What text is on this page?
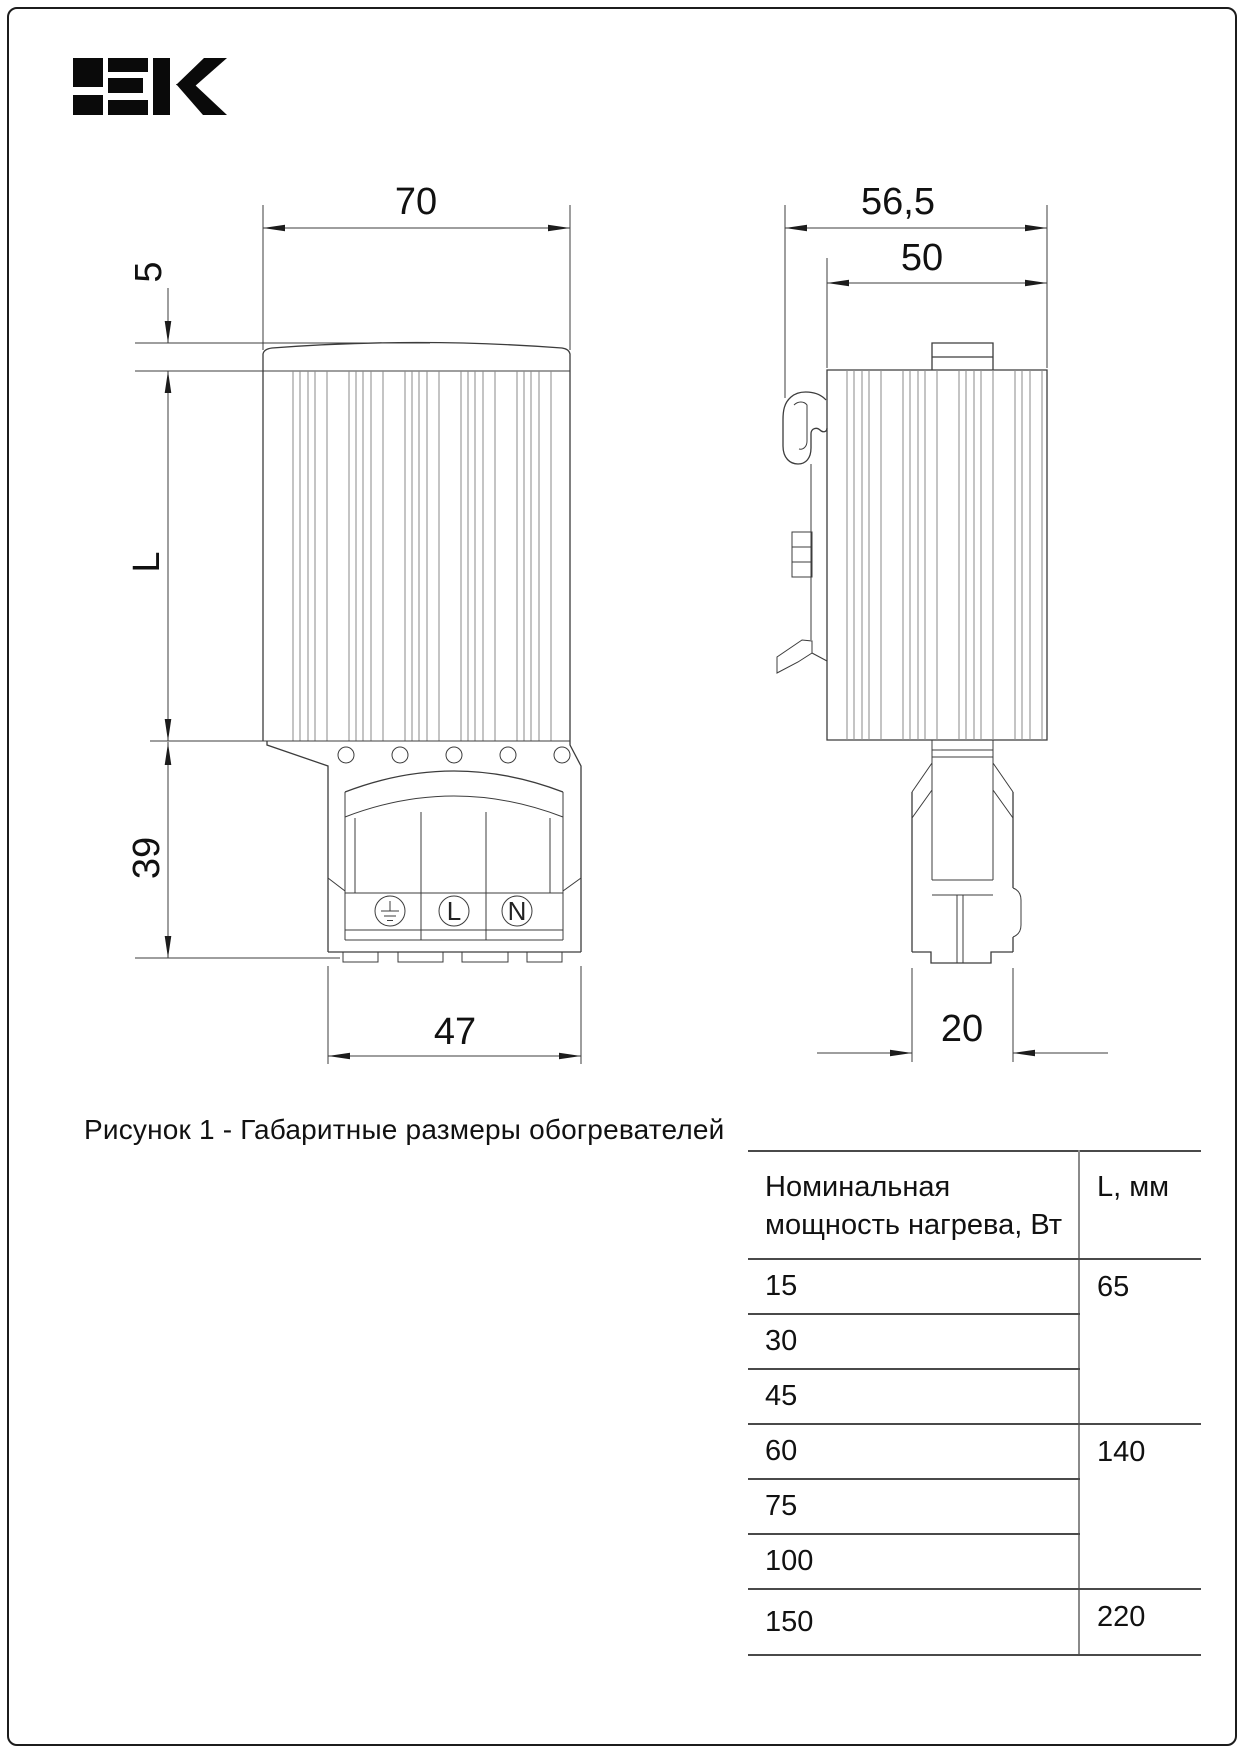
L N
70
5
L
39
47
56,5
50
20
Рисунок 1 - Габаритные размеры обогревателей
Номинальная
мощность нагрева, Вт	L, мм
15	65
30	
45	
60	140
75	
100	
150	220
